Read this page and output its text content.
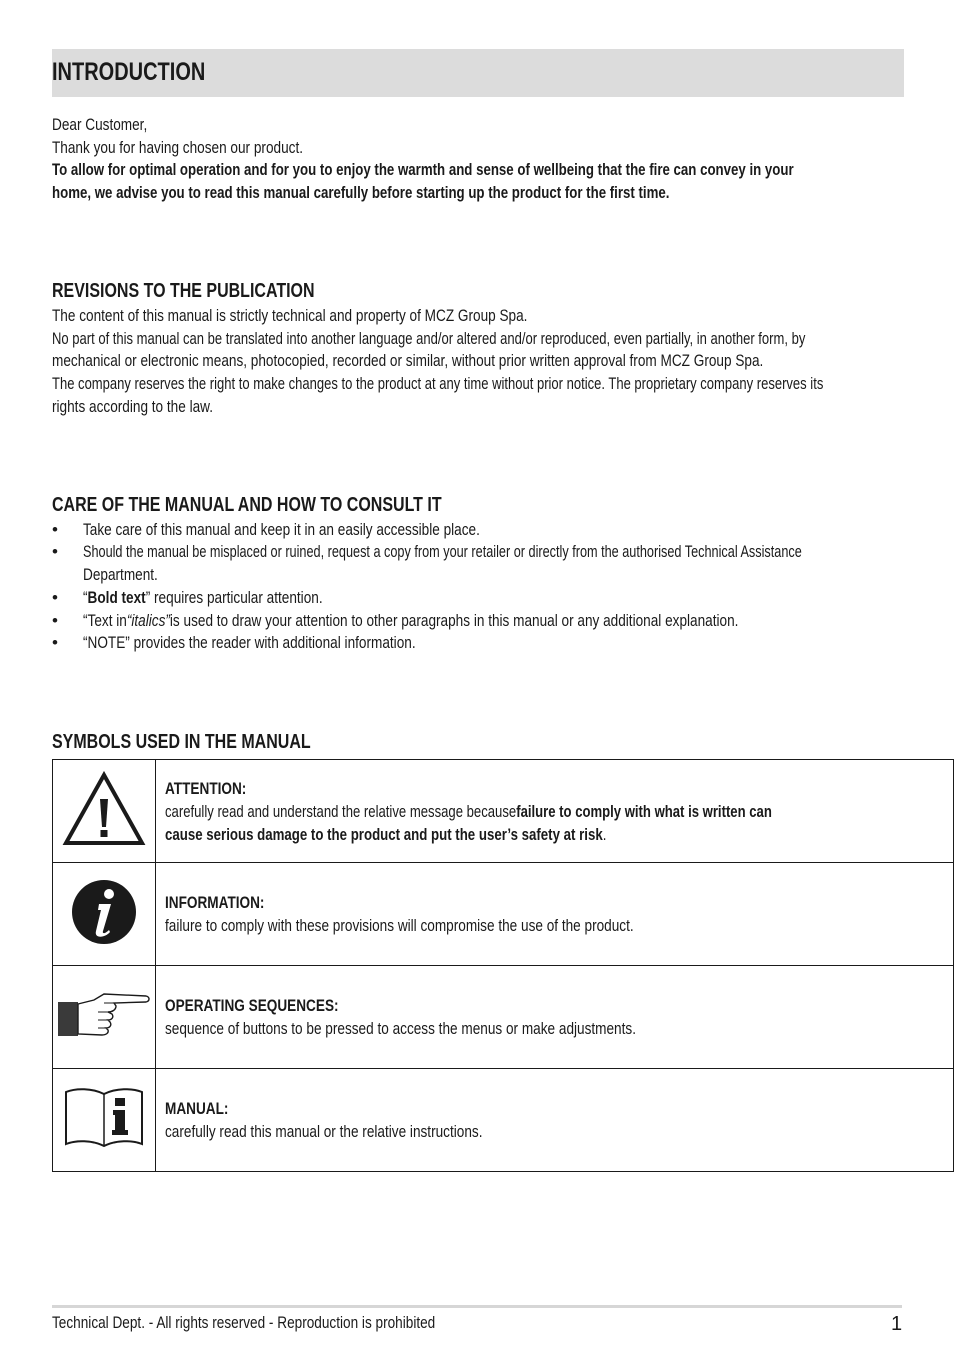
INTRODUCTION
Dear Customer,
Thank you for having chosen our product.
To allow for optimal operation and for you to enjoy the warmth and sense of wellbeing that the fire can convey in your
home, we advise you to read this manual carefully before starting up the product for the first time.
REVISIONS TO THE PUBLICATION
The content of this manual is strictly technical and property of MCZ Group Spa.
No part of this manual can be translated into another language and/or altered and/or reproduced, even partially, in another form, by
mechanical or electronic means, photocopied, recorded or similar, without prior written approval from MCZ Group Spa.
The company reserves the right to make changes to the product at any time without prior notice. The proprietary company reserves its
rights according to the law.
CARE OF THE MANUAL AND HOW TO CONSULT IT
• Take care of this manual and keep it in an easily accessible place.
• Should the manual be misplaced or ruined, request a copy from your retailer or directly from the authorised Technical Assistance
Department.
• “Bold text” requires particular attention.
• “Text in“italics”is used to draw your attention to other paragraphs in this manual or any additional explanation.
• “NOTE” provides the reader with additional information.
SYMBOLS USED IN THE MANUAL

ATTENTION:
carefully read and understand the relative message becausefailure to comply with what is written can
cause serious damage to the product and put the user’s safety at risk.

INFORMATION:
failure to comply with these provisions will compromise the use of the product.

OPERATING SEQUENCES:
sequence of buttons to be pressed to access the menus or make adjustments.

MANUAL:
carefully read this manual or the relative instructions.
Technical Dept. - All rights reserved - Reproduction is prohibited	1
